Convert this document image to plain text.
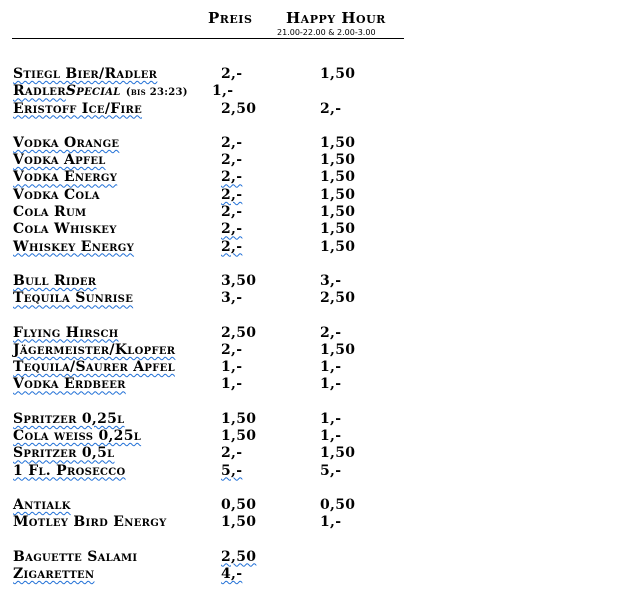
Preis Happy Hour
21.00-22.00 & 2.00-3.00
Stiegl Bier/Radler	2,-	1,50
RadlerSpecial (bis 23:23) 1,-
Eristoff Ice/Fire	2,50	2,-
Vodka Orange	2,-	1,50
Vodka Apfel	2,-	1,50
Vodka Energy	2,-	1,50
Vodka Cola	2,-	1,50
Cola Rum	2,-	1,50
Cola Whiskey	2,-	1,50
Whiskey Energy	2,-	1,50
Bull Rider	3,50	3,-
Tequila Sunrise	3,-	2,50
Flying Hirsch	2,50	2,-
Jägermeister/Klopfer	2,-	1,50
Tequila/Saurer Apfel	1,-	1,-
Vodka Erdbeer	1,-	1,-
Spritzer 0,25l	1,50	1,-
Cola weiss 0,25l	1,50	1,-
Spritzer 0,5l	2,-	1,50
1 Fl. Prosecco	5,-	5,-
Antialk	0,50	0,50
Motley Bird Energy	1,50	1,-
Baguette Salami	2,50
Zigaretten	4,-
